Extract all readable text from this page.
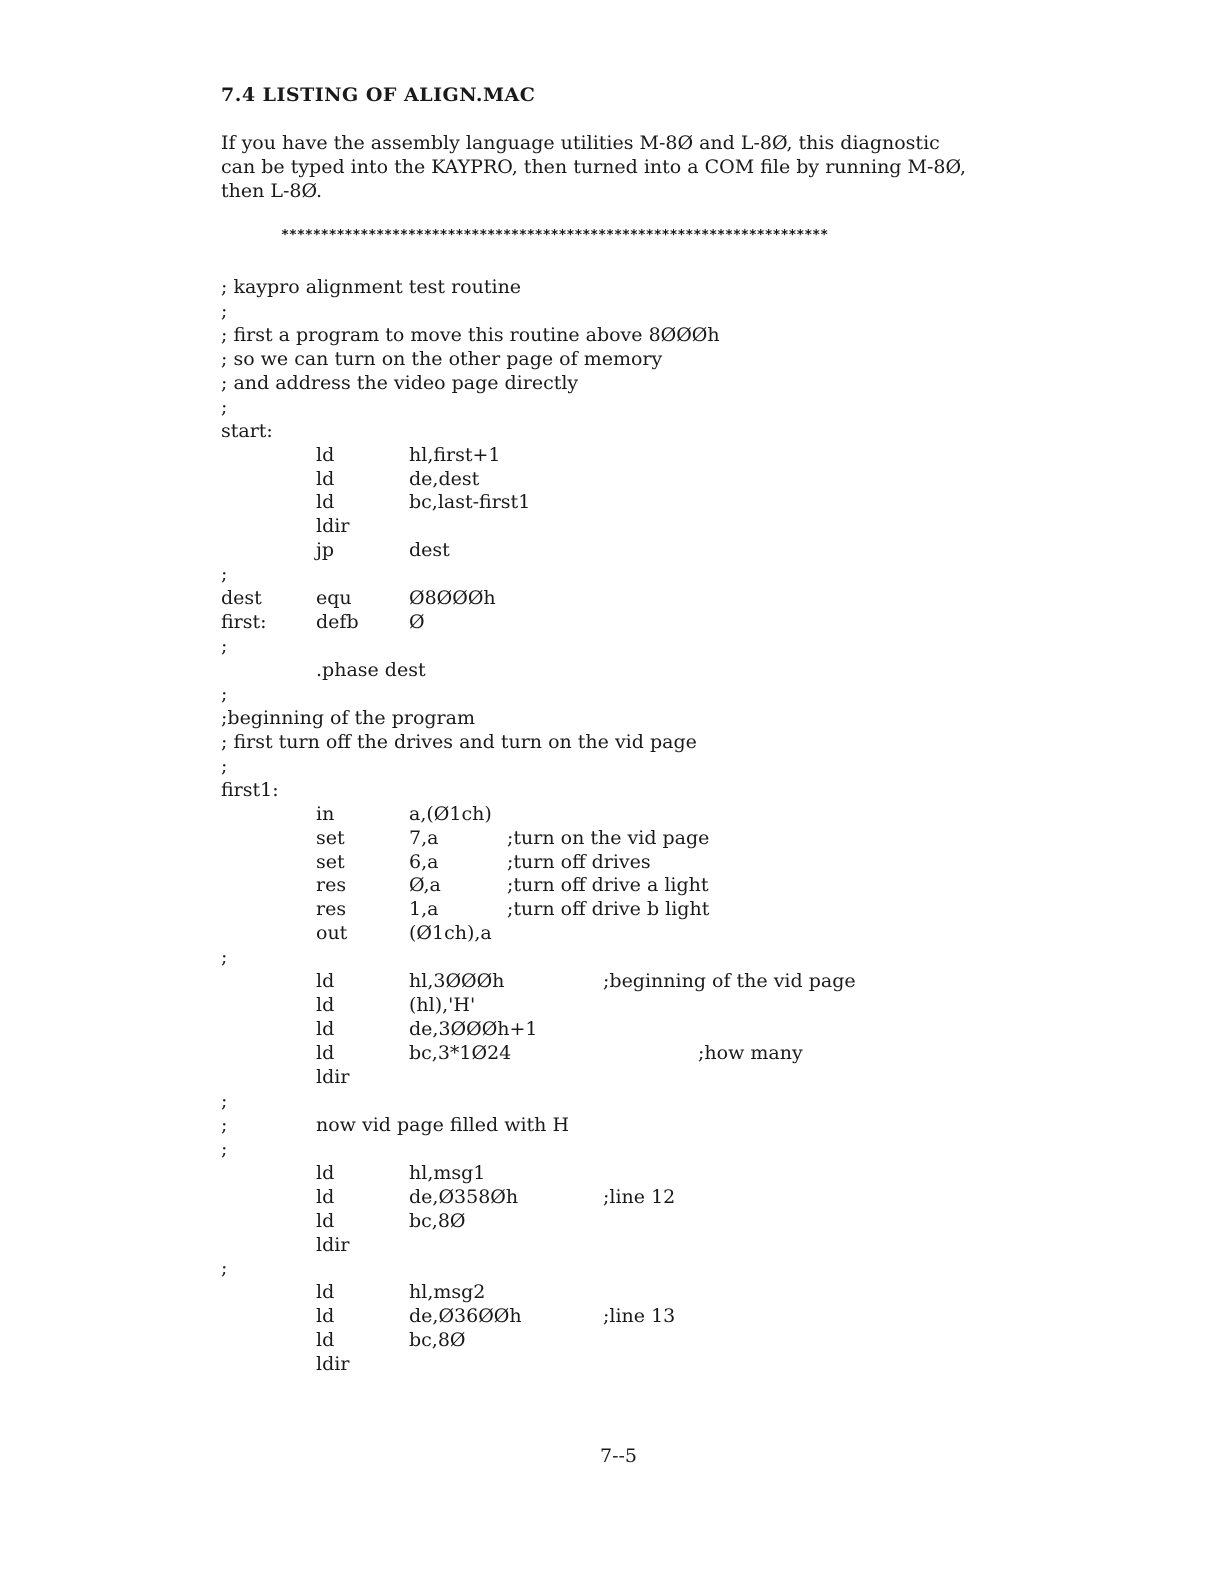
7.4 LISTING OF ALIGN.MAC

If you have the assembly language utilities M-8Ø and L-8Ø, this diagnostic

can be typed into the KAYPRO, then turned into a COM file by running M-8Ø,

then L-8Ø.

*********************************************************************
; kaypro alignment test routine
;
; first a program to move this routine above 8ØØØh
; so we can turn on the other page of memory
; and address the video page directly
;
start:
ld	hl,first+1
ld	de,dest
ld	bc,last-first1
ldir
jp	dest
;
dest	equ	Ø8ØØØh
first:	defb	Ø
;
.phase dest
;
;beginning of the program
; first turn off the drives and turn on the vid page
;
first1:
in	a,(Ø1ch)
set	7,a	;turn on the vid page
set	6,a	;turn off drives
res	Ø,a	;turn off drive a light
res	1,a	;turn off drive b light
out	(Ø1ch),a
;
ld	hl,3ØØØh	;beginning of the vid page
ld	(hl),'H'
ld	de,3ØØØh+1
ld	bc,3*1Ø24	;how many
ldir
;
;	now vid page filled with H
;
ld	hl,msg1
ld	de,Ø358Øh	;line 12
ld	bc,8Ø
ldir
;
ld	hl,msg2
ld	de,Ø36ØØh	;line 13
ld	bc,8Ø
ldir
7--5
